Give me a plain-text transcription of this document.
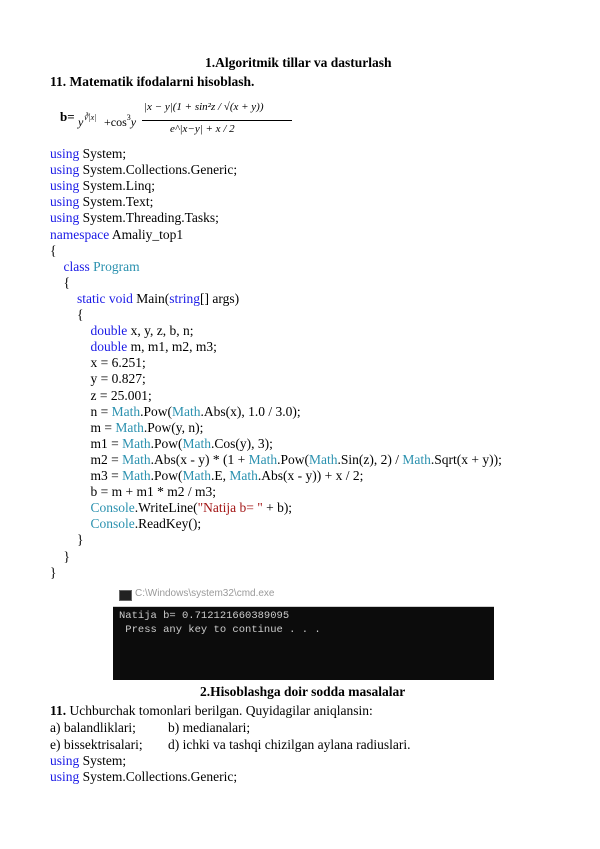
1.Algoritmik tillar va dasturlash
11. Matematik ifodalarni hisoblash.
$b= y^{∛|x|} +\cos^3y$
|x − y|(1 + sin²z / √(x + y))
e^|x−y| + x / 2
using System;
using System.Collections.Generic;
using System.Linq;
using System.Text;
using System.Threading.Tasks;
namespace Amaliy_top1
{
class Program
{
static void Main(string[] args)
{
double x, y, z, b, n;
double m, m1, m2, m3;
x = 6.251;
y = 0.827;
z = 25.001;
n = Math.Pow(Math.Abs(x), 1.0 / 3.0);
m = Math.Pow(y, n);
m1 = Math.Pow(Math.Cos(y), 3);
m2 = Math.Abs(x - y) * (1 + Math.Pow(Math.Sin(z), 2) / Math.Sqrt(x + y));
m3 = Math.Pow(Math.E, Math.Abs(x - y)) + x / 2;
b = m + m1 * m2 / m3;
Console.WriteLine("Natija b= " + b);
Console.ReadKey();
}
}
}
C:\Windows\system32\cmd.exe
Natija b= 0.712121660389095
Press any key to continue . . .
2.Hisoblashga doir sodda masalalar
11. Uchburchak tomonlari berilgan. Quyidagilar aniqlansin:
a) balandliklari; b) medianalari;
e) bissektrisalari; d) ichki va tashqi chizilgan aylana radiuslari.
using System;
using System.Collections.Generic;
